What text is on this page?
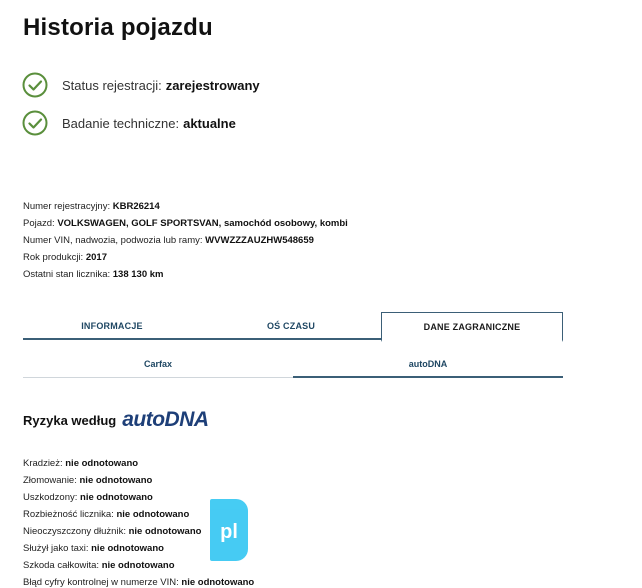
Historia pojazdu
Status rejestracji: zarejestrowany
Badanie techniczne: aktualne
Numer rejestracyjny: KBR26214
Pojazd: VOLKSWAGEN, GOLF SPORTSVAN, samochód osobowy, kombi
Numer VIN, nadwozia, podwozia lub ramy: WVWZZZAUZHW548659
Rok produkcji: 2017
Ostatni stan licznika: 138 130 km
INFORMACJE	OŚ CZASU	DANE ZAGRANICZNE
Carfax	autoDNA
Ryzyka według autoDNA
Kradzież: nie odnotowano
Złomowanie: nie odnotowano
Uszkodzony: nie odnotowano
Rozbieżność licznika: nie odnotowano
Nieoczyszczony dłużnik: nie odnotowano
Służył jako taxi: nie odnotowano
Szkoda całkowita: nie odnotowano
Błąd cyfry kontrolnej w numerze VIN: nie odnotowano
pl
